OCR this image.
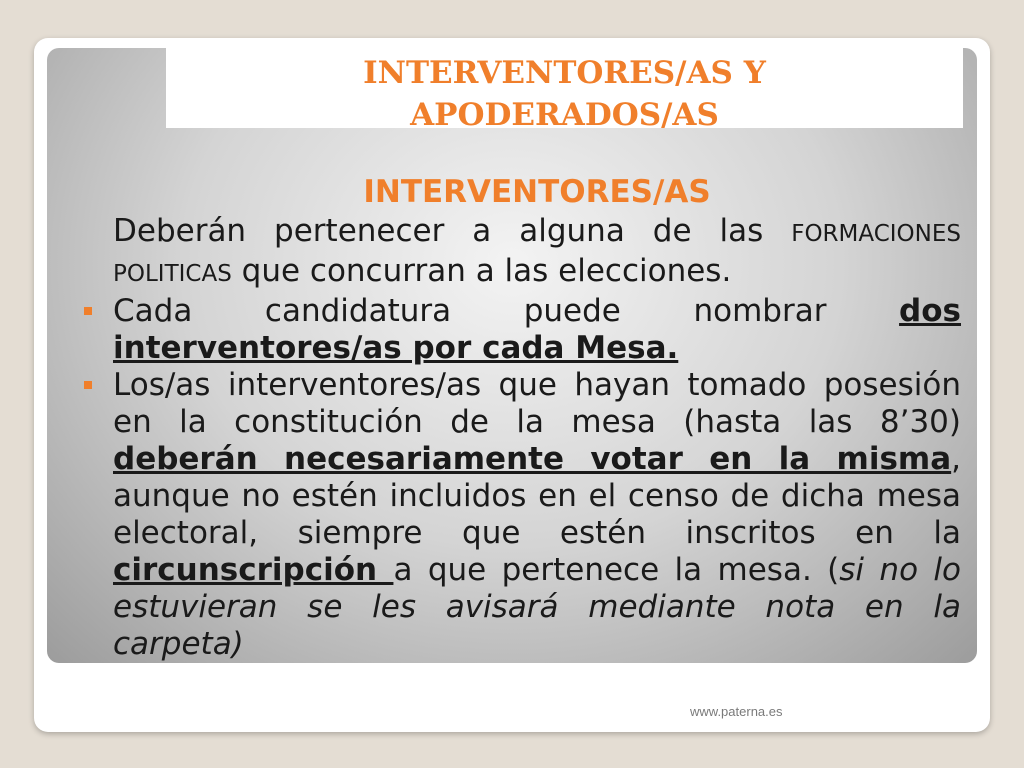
INTERVENTORES/AS Y
APODERADOS/AS
INTERVENTORES/AS
Deberán pertenecer a alguna de las FORMACIONES POLITICAS que concurran a las elecciones.
Cada candidatura puede nombrar dos interventores/as por cada Mesa.
Los/as interventores/as que hayan tomado posesión en la constitución de la mesa (hasta las 8’30) deberán necesariamente votar en la misma, aunque no estén incluidos en el censo de dicha mesa electoral, siempre que estén inscritos en la circunscripción a que pertenece la mesa. (si no lo estuvieran se les avisará mediante nota en la carpeta)
www.paterna.es
